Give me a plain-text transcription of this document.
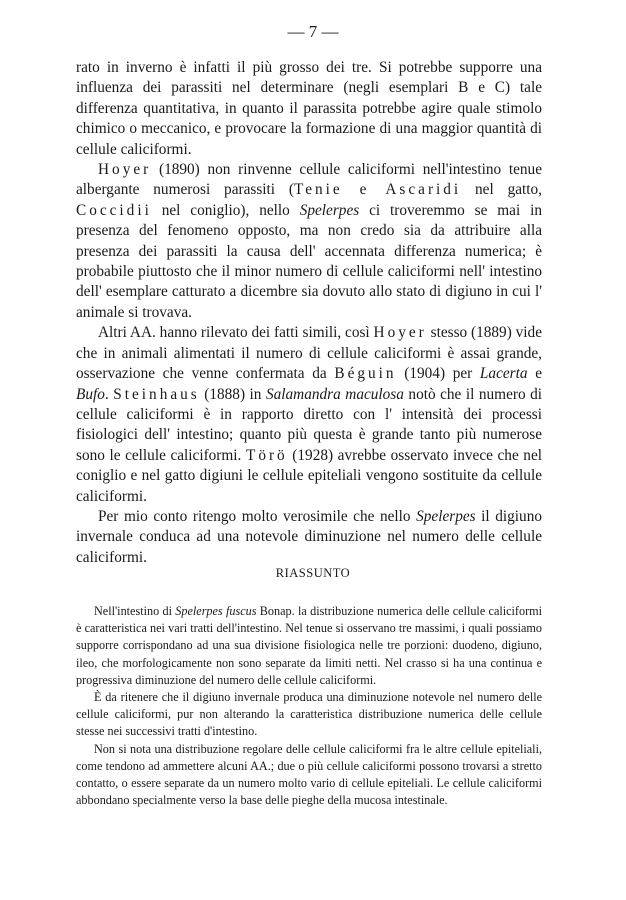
— 7 —

rato in inverno è infatti il più grosso dei tre. Si potrebbe supporre una influenza dei parassiti nel determinare (negli esemplari B e C) tale differenza quantitativa, in quanto il parassita potrebbe agire quale stimolo chimico o meccanico, e provocare la formazione di una maggior quantità di cellule caliciformi.

Hoyer (1890) non rinvenne cellule caliciformi nell'intestino tenue albergante numerosi parassiti (Tenie e Ascaridi nel gatto, Coccidii nel coniglio), nello Spelerpes ci troveremmo se mai in presenza del fenomeno opposto, ma non credo sia da attribuire alla presenza dei parassiti la causa dell' accennata differenza numerica; è probabile piuttosto che il minor numero di cellule caliciformi nell' intestino dell' esemplare catturato a dicembre sia dovuto allo stato di digiuno in cui l' animale si trovava.

Altri AA. hanno rilevato dei fatti simili, così Hoyer stesso (1889) vide che in animali alimentati il numero di cellule caliciformi è assai grande, osservazione che venne confermata da Béguin (1904) per Lacerta e Bufo. Steinhaus (1888) in Salamandra maculosa notò che il numero di cellule caliciformi è in rapporto diretto con l' intensità dei processi fisiologici dell' intestino; quanto più questa è grande tanto più numerose sono le cellule caliciformi. Törö (1928) avrebbe osservato invece che nel coniglio e nel gatto digiuni le cellule epiteliali vengono sostituite da cellule caliciformi.

Per mio conto ritengo molto verosimile che nello Spelerpes il digiuno invernale conduca ad una notevole diminuzione nel numero delle cellule caliciformi.

RIASSUNTO

Nell'intestino di Spelerpes fuscus Bonap. la distribuzione numerica delle cellule caliciformi è caratteristica nei vari tratti dell'intestino. Nel tenue si osservano tre massimi, i quali possiamo supporre corrispondano ad una sua divisione fisiologica nelle tre porzioni: duodeno, digiuno, ileo, che morfologicamente non sono separate da limiti netti. Nel crasso si ha una continua e progressiva diminuzione del numero delle cellule caliciformi.

È da ritenere che il digiuno invernale produca una diminuzione notevole nel numero delle cellule caliciformi, pur non alterando la caratteristica distribuzione numerica delle cellule stesse nei successivi tratti d'intestino.

Non si nota una distribuzione regolare delle cellule caliciformi fra le altre cellule epiteliali, come tendono ad ammettere alcuni AA.; due o più cellule caliciformi possono trovarsi a stretto contatto, o essere separate da un numero molto vario di cellule epiteliali. Le cellule caliciformi abbondano specialmente verso la base delle pieghe della mucosa intestinale.
